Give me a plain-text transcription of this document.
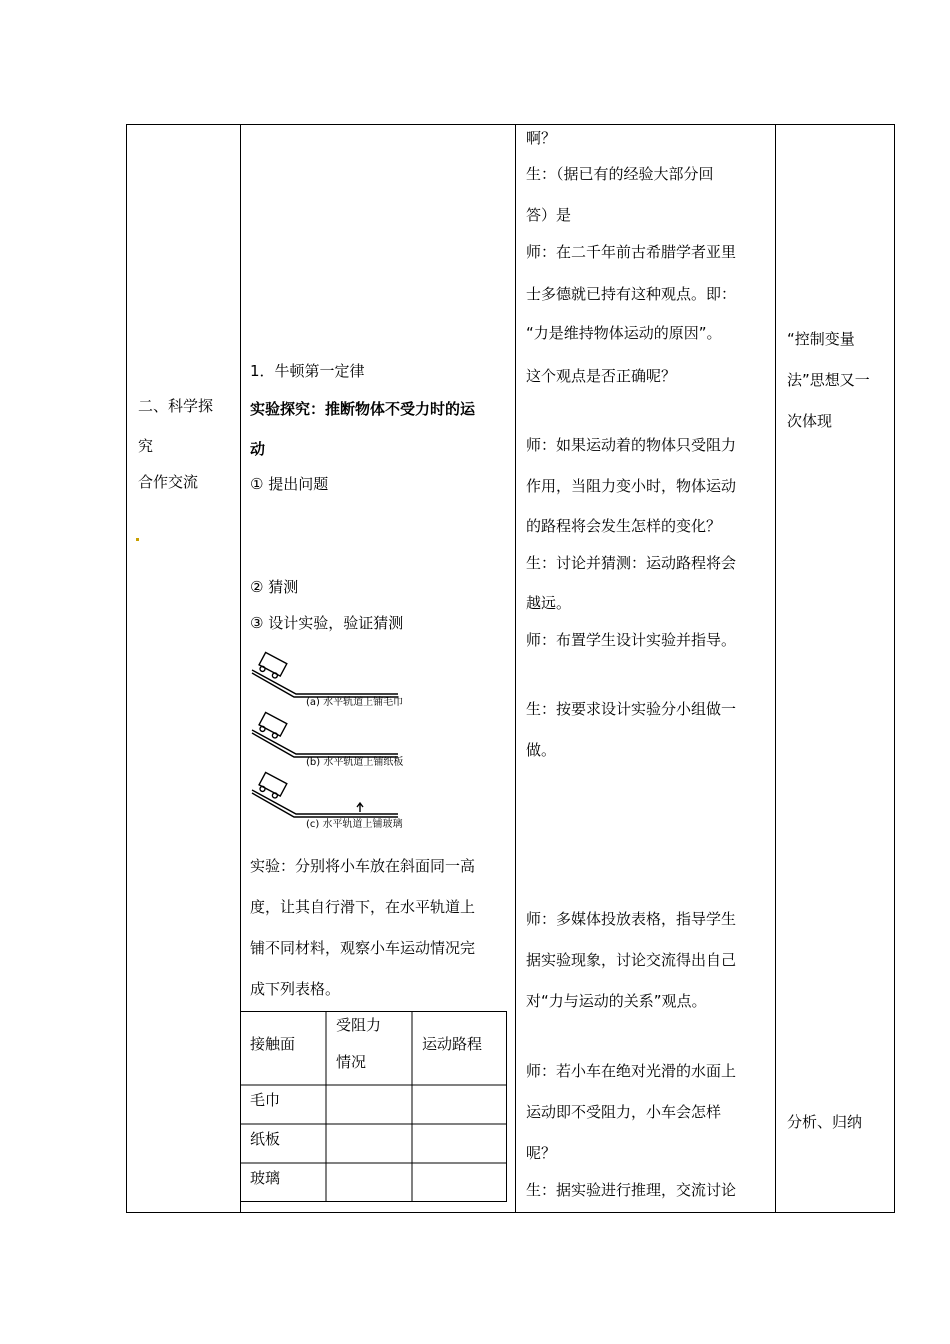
二、科学探
究
合作交流
1．牛顿第一定律
实验探究：推断物体不受力时的运
动
① 提出问题
② 猜测
③ 设计实验，验证猜测
(a) 水平轨道上铺毛巾
(b) 水平轨道上铺纸板
(c) 水平轨道上铺玻璃
实验：分别将小车放在斜面同一高
度，让其自行滑下，在水平轨道上
铺不同材料，观察小车运动情况完
成下列表格。
接触面
受阻力
情况
运动路程
毛巾
纸板
玻璃
啊？
生：（据已有的经验大部分回
答）是
师：在二千年前古希腊学者亚里
士多德就已持有这种观点。即：
“力是维持物体运动的原因”。
这个观点是否正确呢？
师：如果运动着的物体只受阻力
作用，当阻力变小时，物体运动
的路程将会发生怎样的变化？
生：讨论并猜测：运动路程将会
越远。
师：布置学生设计实验并指导。
生：按要求设计实验分小组做一
做。
师：多媒体投放表格，指导学生
据实验现象，讨论交流得出自己
对“力与运动的关系”观点。
师：若小车在绝对光滑的水面上
运动即不受阻力，小车会怎样
呢？
生：据实验进行推理，交流讨论
“控制变量
法”思想又一
次体现
分析、归纳
